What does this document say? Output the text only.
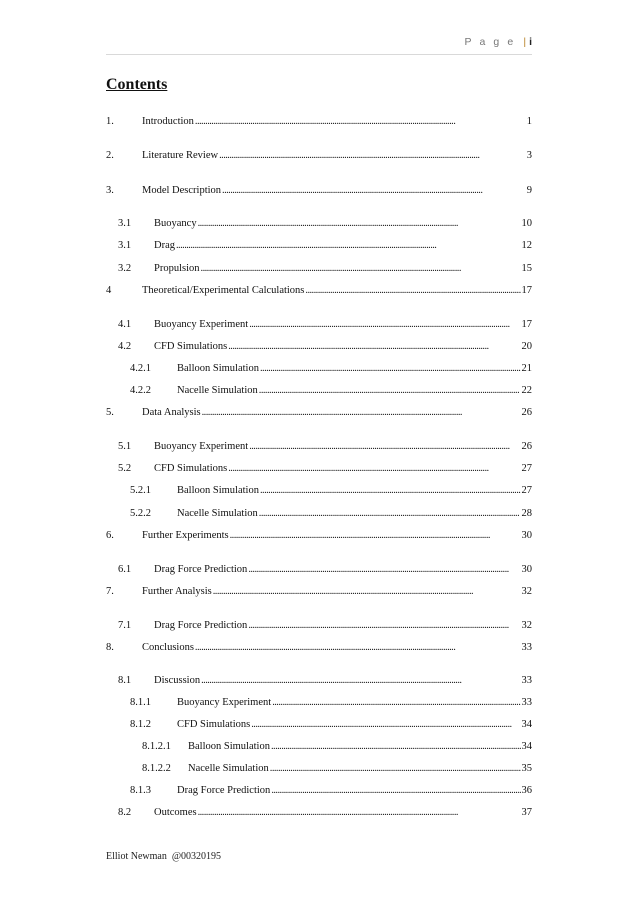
P a g e | i
Contents
1.	Introduction . . .	1
2.	Literature Review . . .	3
3.	Model Description . . .	9
3.1	Buoyancy . . .	10
3.1	Drag . . .	12
3.2	Propulsion . . .	15
4	Theoretical/Experimental Calculations . . .	17
4.1	Buoyancy Experiment . . .	17
4.2	CFD Simulations . . .	20
4.2.1	Balloon Simulation . . .	21
4.2.2	Nacelle Simulation . . .	22
5.	Data Analysis . . .	26
5.1	Buoyancy Experiment . . .	26
5.2	CFD Simulations . . .	27
5.2.1	Balloon Simulation . . .	27
5.2.2	Nacelle Simulation . . .	28
6.	Further Experiments . . .	30
6.1	Drag Force Prediction . . .	30
7.	Further Analysis . . .	32
7.1	Drag Force Prediction . . .	32
8.	Conclusions . . .	33
8.1	Discussion . . .	33
8.1.1	Buoyancy Experiment . . .	33
8.1.2	CFD Simulations . . .	34
8.1.2.1	Balloon Simulation . . .	34
8.1.2.2	Nacelle Simulation . . .	35
8.1.3	Drag Force Prediction . . .	36
8.2	Outcomes . . .	37
Elliot Newman  @00320195
